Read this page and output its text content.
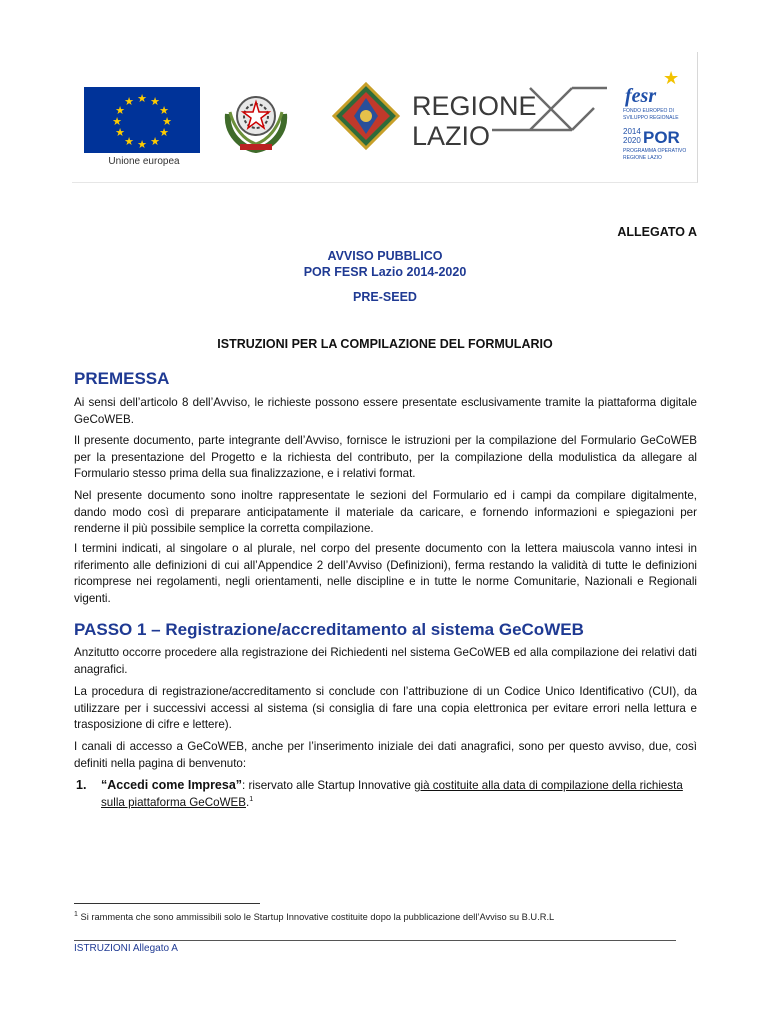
★ ★
★
★
★
★
★
★
★
★
★
★
Unione europea
REGIONE
LAZIO
★
fesr
FONDO EUROPEO DI
SVILUPPO REGIONALE
2014
2020 POR
PROGRAMMA OPERATIVO
REGIONE LAZIO

ALLEGATO A

AVVISO PUBBLICO

POR FESR Lazio 2014-2020

PRE-SEED

ISTRUZIONI PER LA COMPILAZIONE DEL FORMULARIO

PREMESSA

Ai sensi dell’articolo 8 dell’Avviso, le richieste possono essere presentate esclusivamente tramite la piattaforma digitale GeCoWEB.

Il presente documento, parte integrante dell’Avviso, fornisce le istruzioni per la compilazione del Formulario GeCoWEB per la presentazione del Progetto e la richiesta del contributo, per la compilazione della modulistica da allegare al Formulario stesso prima della sua finalizzazione, e i relativi format.

Nel presente documento sono inoltre rappresentate le sezioni del Formulario ed i campi da compilare digitalmente, dando modo così di preparare anticipatamente il materiale da caricare, e fornendo informazioni e spiegazioni per renderne il più possibile semplice la corretta compilazione.

I termini indicati, al singolare o al plurale, nel corpo del presente documento con la lettera maiuscola vanno intesi in riferimento alle definizioni di cui all’Appendice 2 dell’Avviso (Definizioni), ferma restando la validità di tutte le definizioni ricomprese nei regolamenti, negli orientamenti, nelle discipline e in tutte le norme Comunitarie, Nazionali e Regionali vigenti.

PASSO 1 – Registrazione/accreditamento al sistema GeCoWEB

Anzitutto occorre procedere alla registrazione dei Richiedenti nel sistema GeCoWEB ed alla compilazione dei relativi dati anagrafici.

La procedura di registrazione/accreditamento si conclude con l’attribuzione di un Codice Unico Identificativo (CUI), da utilizzare per i successivi accessi al sistema (si consiglia di fare una copia elettronica per evitare errori nella lettura e trasposizione di cifre e lettere).

I canali di accesso a GeCoWEB, anche per l’inserimento iniziale dei dati anagrafici, sono per questo avviso, due, così definiti nella pagina di benvenuto:

1. “Accedi come Impresa”: riservato alle Startup Innovative già costituite alla data di compilazione della richiesta sulla piattaforma GeCoWEB.$^1$
$^1$ Si rammenta che sono ammissibili solo le Startup Innovative costituite dopo la pubblicazione dell’Avviso su B.U.R.L
ISTRUZIONI Allegato A
